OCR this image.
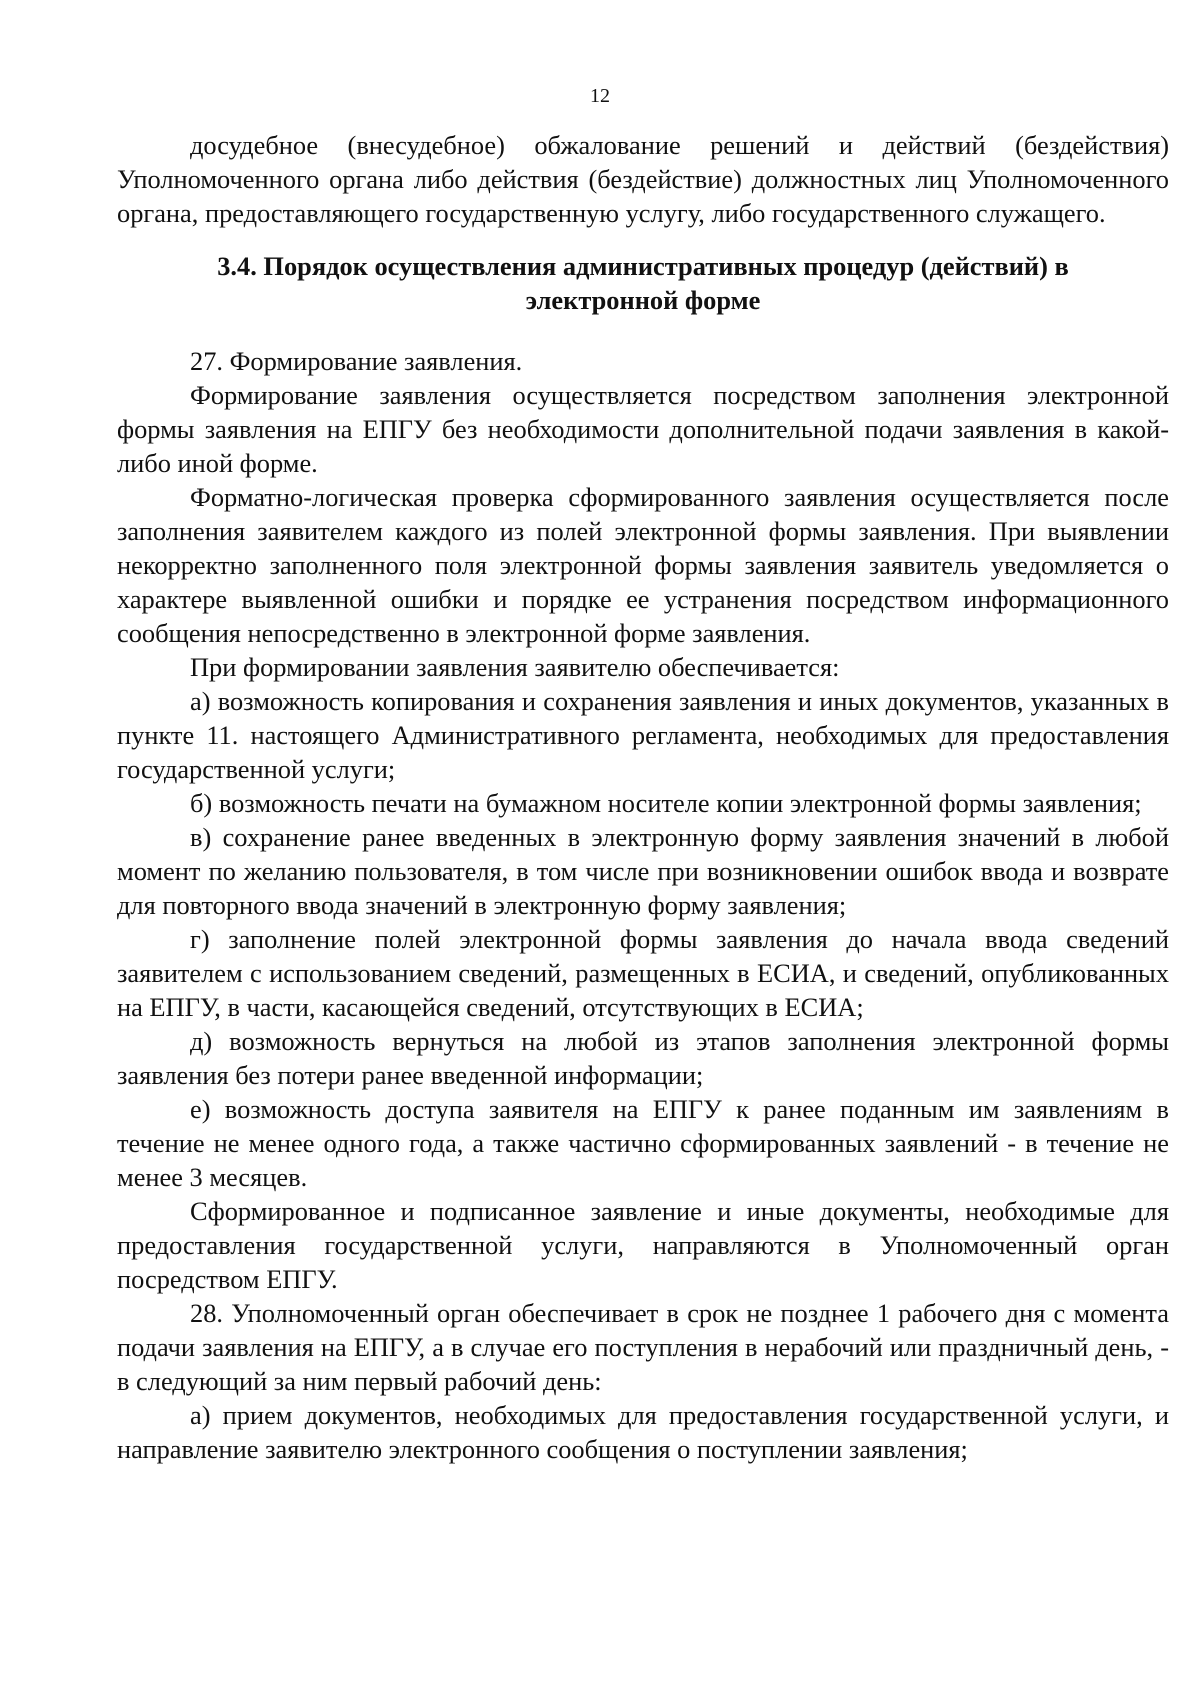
12

досудебное (внесудебное) обжалование решений и действий (бездействия) Уполномоченного органа либо действия (бездействие) должностных лиц Уполномоченного органа, предоставляющего государственную услугу, либо государственного служащего.

3.4. Порядок осуществления административных процедур (действий) в
электронной форме

27. Формирование заявления.

Формирование заявления осуществляется посредством заполнения электронной формы заявления на ЕПГУ без необходимости дополнительной подачи заявления в какой-либо иной форме.

Форматно-логическая проверка сформированного заявления осуществляется после заполнения заявителем каждого из полей электронной формы заявления. При выявлении некорректно заполненного поля электронной формы заявления заявитель уведомляется о характере выявленной ошибки и порядке ее устранения посредством информационного сообщения непосредственно в электронной форме заявления.

При формировании заявления заявителю обеспечивается:

а) возможность копирования и сохранения заявления и иных документов, указанных в пункте 11. настоящего Административного регламента, необходимых для предоставления государственной услуги;

б) возможность печати на бумажном носителе копии электронной формы заявления;

в) сохранение ранее введенных в электронную форму заявления значений в любой момент по желанию пользователя, в том числе при возникновении ошибок ввода и возврате для повторного ввода значений в электронную форму заявления;

г) заполнение полей электронной формы заявления до начала ввода сведений заявителем с использованием сведений, размещенных в ЕСИА, и сведений, опубликованных на ЕПГУ, в части, касающейся сведений, отсутствующих в ЕСИА;

д) возможность вернуться на любой из этапов заполнения электронной формы заявления без потери ранее введенной информации;

е) возможность доступа заявителя на ЕПГУ к ранее поданным им заявлениям в течение не менее одного года, а также частично сформированных заявлений - в течение не менее 3 месяцев.

Сформированное и подписанное заявление и иные документы, необходимые для предоставления государственной услуги, направляются в Уполномоченный орган посредством ЕПГУ.

28. Уполномоченный орган обеспечивает в срок не позднее 1 рабочего дня с момента подачи заявления на ЕПГУ, а в случае его поступления в нерабочий или праздничный день, - в следующий за ним первый рабочий день:

а) прием документов, необходимых для предоставления государственной услуги, и направление заявителю электронного сообщения о поступлении заявления;
